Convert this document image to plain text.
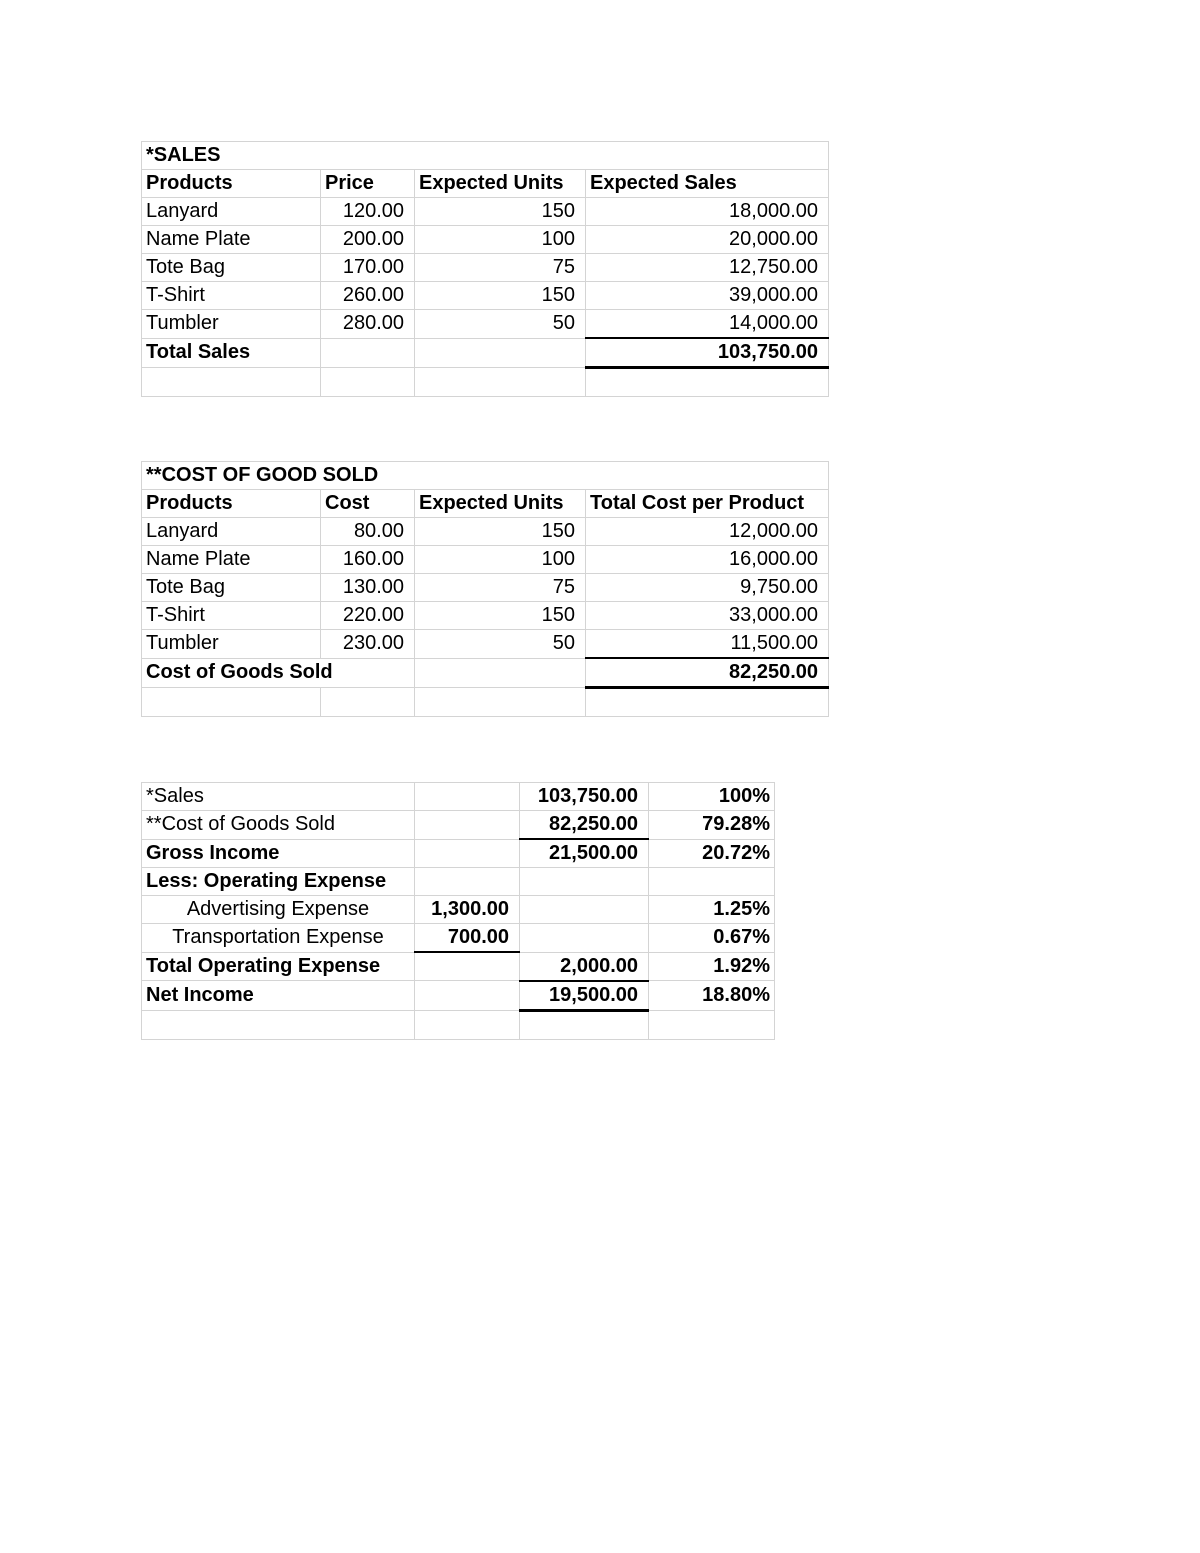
*SALES			
Products	Price	Expected Units	Expected Sales
Lanyard	120.00	150	18,000.00
Name Plate	200.00	100	20,000.00
Tote Bag	170.00	75	12,750.00
T-Shirt	260.00	150	39,000.00
Tumbler	280.00	50	14,000.00
Total Sales			103,750.00

**COST OF GOOD SOLD			
Products	Cost	Expected Units	Total Cost per Product
Lanyard	80.00	150	12,000.00
Name Plate	160.00	100	16,000.00
Tote Bag	130.00	75	9,750.00
T-Shirt	220.00	150	33,000.00
Tumbler	230.00	50	11,500.00
Cost of Goods Sold			82,250.00

*Sales		103,750.00	100%
**Cost of Goods Sold		82,250.00	79.28%
Gross Income		21,500.00	20.72%
Less: Operating Expense			
Advertising Expense	1,300.00		1.25%
Transportation Expense	700.00		0.67%
Total Operating Expense		2,000.00	1.92%
Net Income		19,500.00	18.80%
